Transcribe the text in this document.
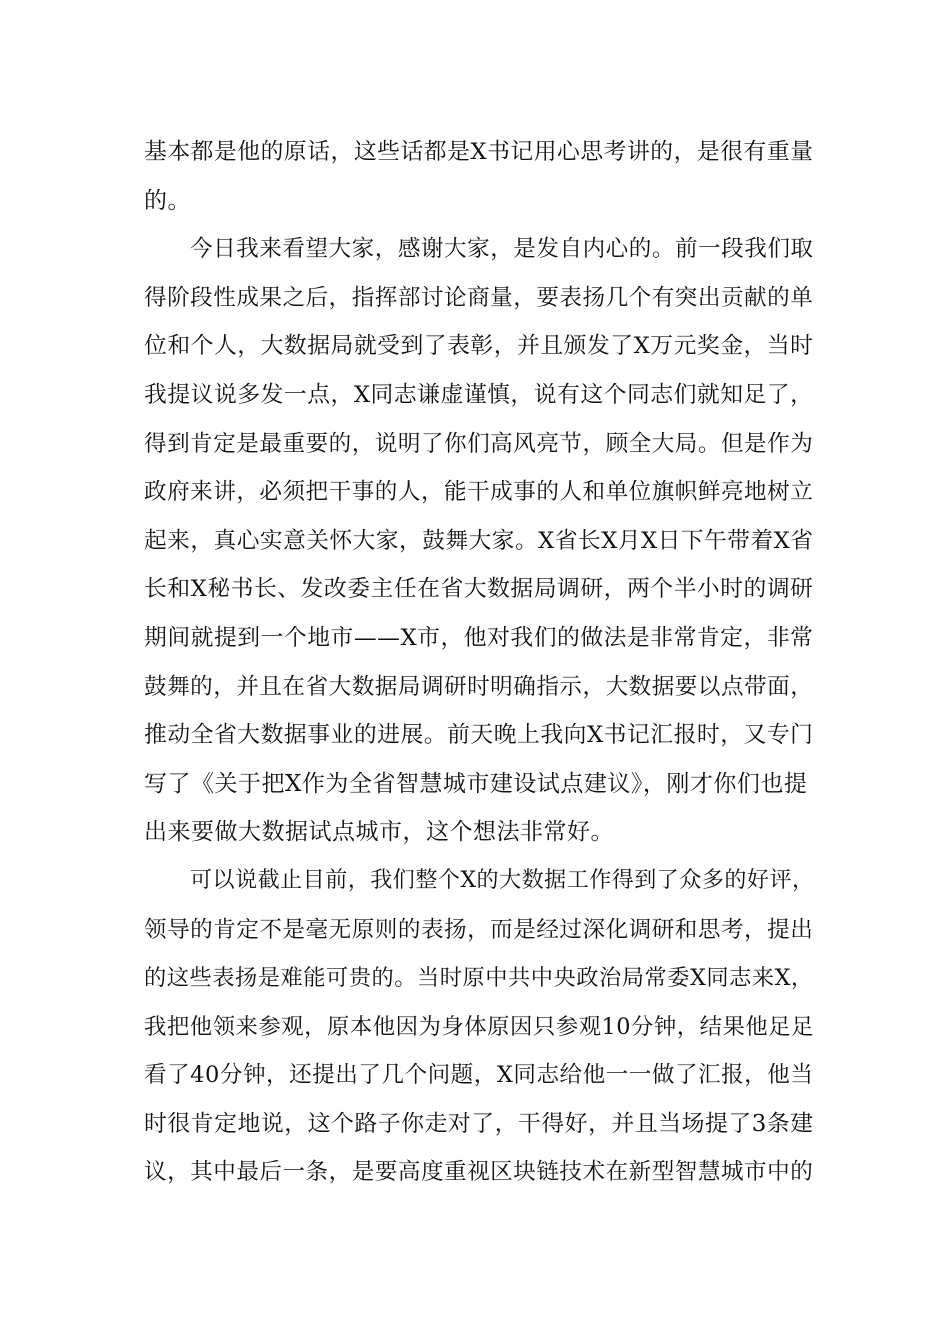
基本都是他的原话，这些话都是X书记用心思考讲的，是很有重量
的。
今日我来看望大家，感谢大家，是发自内心的。前一段我们取
得阶段性成果之后，指挥部讨论商量，要表扬几个有突出贡献的单
位和个人，大数据局就受到了表彰，并且颁发了X万元奖金，当时
我提议说多发一点，X同志谦虚谨慎，说有这个同志们就知足了，
得到肯定是最重要的，说明了你们高风亮节，顾全大局。但是作为
政府来讲，必须把干事的人，能干成事的人和单位旗帜鲜亮地树立
起来，真心实意关怀大家，鼓舞大家。X省长X月X日下午带着X省
长和X秘书长、发改委主任在省大数据局调研，两个半小时的调研
期间就提到一个地市——X市，他对我们的做法是非常肯定，非常
鼓舞的，并且在省大数据局调研时明确指示，大数据要以点带面，
推动全省大数据事业的进展。前天晚上我向X书记汇报时，又专门
写了《关于把X作为全省智慧城市建设试点建议》，刚才你们也提
出来要做大数据试点城市，这个想法非常好。
可以说截止目前，我们整个X的大数据工作得到了众多的好评，
领导的肯定不是毫无原则的表扬，而是经过深化调研和思考，提出
的这些表扬是难能可贵的。当时原中共中央政治局常委X同志来X，
我把他领来参观，原本他因为身体原因只参观10分钟，结果他足足
看了40分钟，还提出了几个问题，X同志给他一一做了汇报，他当
时很肯定地说，这个路子你走对了，干得好，并且当场提了3条建
议，其中最后一条，是要高度重视区块链技术在新型智慧城市中的
